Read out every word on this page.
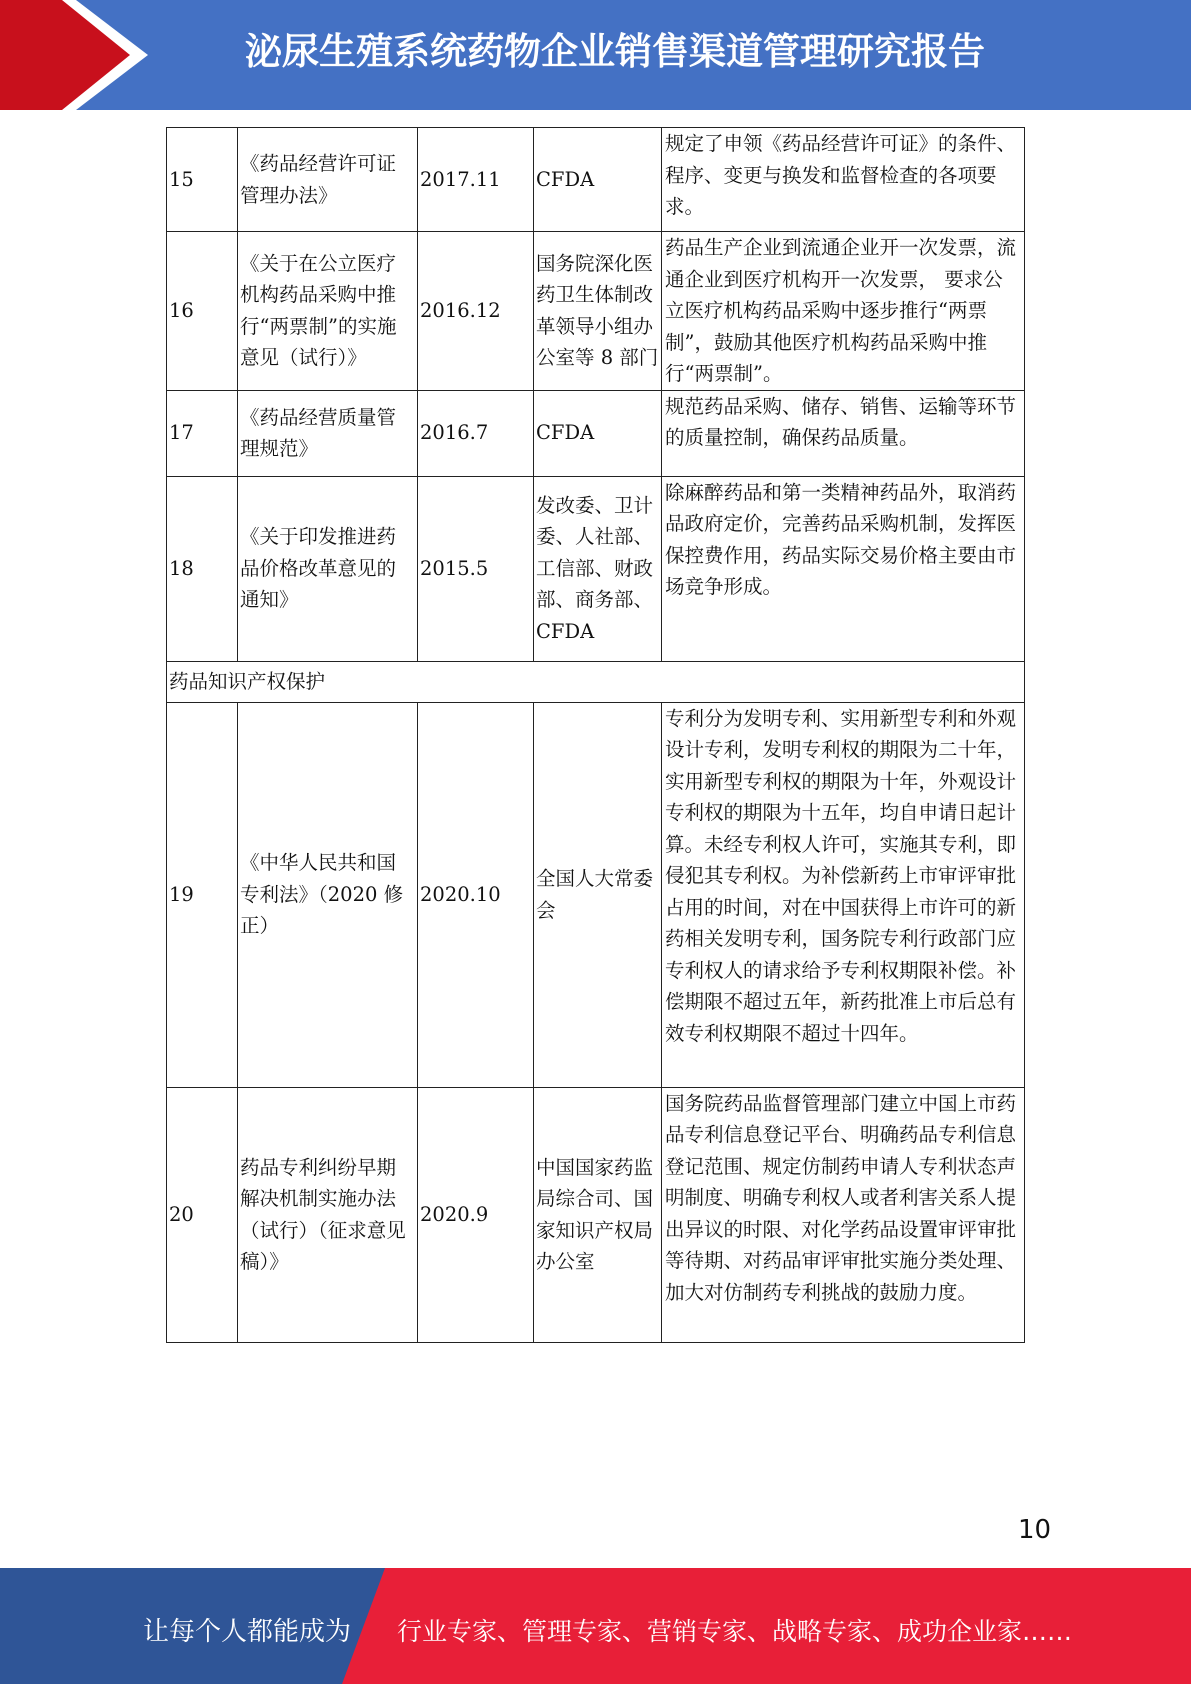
泌尿生殖系统药物企业销售渠道管理研究报告
15	《药品经营许可证管理办法》	2017.11	CFDA	规定了申领《药品经营许可证》的条件、程序、变更与换发和监督检查的各项要求。
16	《关于在公立医疗机构药品采购中推行“两票制”的实施意见（试行）》	2016.12	国务院深化医药卫生体制改革领导小组办公室等 8 部门	药品生产企业到流通企业开一次发票，流通企业到医疗机构开一次发票， 要求公立医疗机构药品采购中逐步推行“两票制”，鼓励其他医疗机构药品采购中推行“两票制”。
17	《药品经营质量管理规范》	2016.7	CFDA	规范药品采购、储存、销售、运输等环节的质量控制，确保药品质量。
18	《关于印发推进药品价格改革意见的通知》	2015.5	发改委、卫计委、人社部、工信部、财政部、商务部、CFDA	除麻醉药品和第一类精神药品外，取消药品政府定价，完善药品采购机制，发挥医保控费作用，药品实际交易价格主要由市场竞争形成。
药品知识产权保护				
19	《中华人民共和国专利法》（2020 修正）	2020.10	全国人大常委会	专利分为发明专利、实用新型专利和外观设计专利，发明专利权的期限为二十年，实用新型专利权的期限为十年，外观设计专利权的期限为十五年，均自申请日起计算。未经专利权人许可，实施其专利，即侵犯其专利权。为补偿新药上市审评审批占用的时间，对在中国获得上市许可的新药相关发明专利，国务院专利行政部门应专利权人的请求给予专利权期限补偿。补偿期限不超过五年，新药批准上市后总有效专利权期限不超过十四年。
20	药品专利纠纷早期解决机制实施办法（试行）（征求意见稿）》	2020.9	中国国家药监局综合司、国家知识产权局办公室	国务院药品监督管理部门建立中国上市药品专利信息登记平台、明确药品专利信息登记范围、规定仿制药申请人专利状态声明制度、明确专利权人或者利害关系人提出异议的时限、对化学药品设置审评审批等待期、对药品审评审批实施分类处理、加大对仿制药专利挑战的鼓励力度。
10
让每个人都能成为 行业专家、管理专家、营销专家、战略专家、成功企业家……
